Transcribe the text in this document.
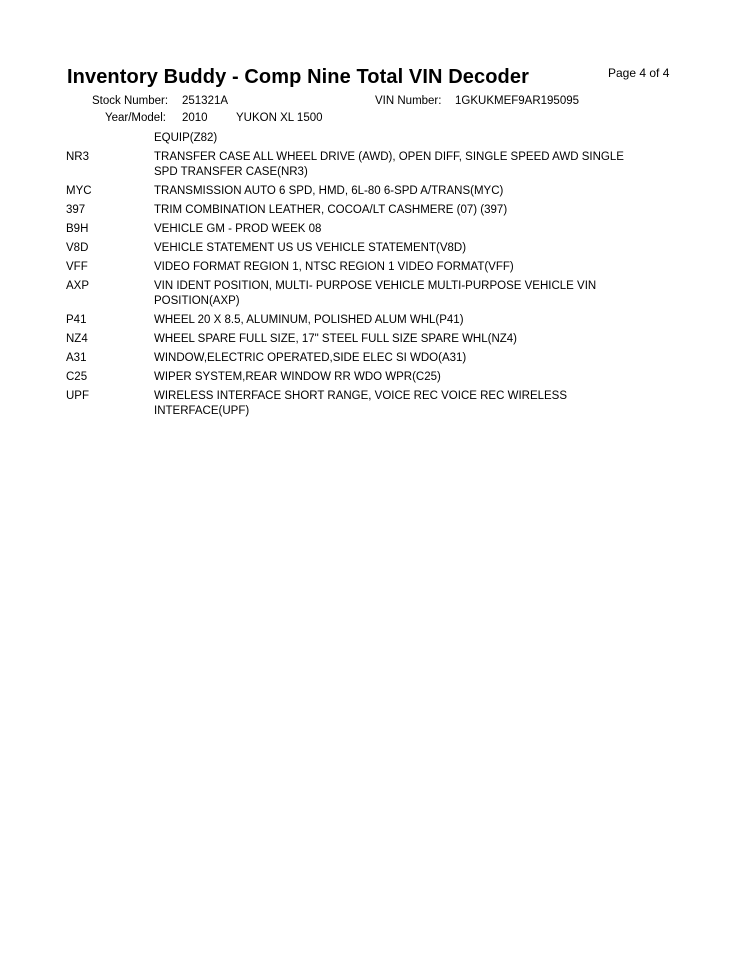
Inventory Buddy - Comp Nine Total VIN Decoder	Page 4 of 4
Stock Number: 251321A	VIN Number: 1GKUKMEF9AR195095
Year/Model: 2010 YUKON XL 1500
EQUIP(Z82)
NR3	TRANSFER CASE ALL WHEEL DRIVE (AWD), OPEN DIFF, SINGLE SPEED AWD SINGLE
SPD TRANSFER CASE(NR3)
MYC	TRANSMISSION AUTO 6 SPD, HMD, 6L-80 6-SPD A/TRANS(MYC)
397	TRIM COMBINATION LEATHER, COCOA/LT CASHMERE (07) (397)
B9H	VEHICLE GM - PROD WEEK 08
V8D	VEHICLE STATEMENT US US VEHICLE STATEMENT(V8D)
VFF	VIDEO FORMAT REGION 1, NTSC REGION 1 VIDEO FORMAT(VFF)
AXP	VIN IDENT POSITION, MULTI- PURPOSE VEHICLE MULTI-PURPOSE VEHICLE VIN
POSITION(AXP)
P41	WHEEL 20 X 8.5, ALUMINUM, POLISHED ALUM WHL(P41)
NZ4	WHEEL SPARE FULL SIZE, 17" STEEL FULL SIZE SPARE WHL(NZ4)
A31	WINDOW,ELECTRIC OPERATED,SIDE ELEC SI WDO(A31)
C25	WIPER SYSTEM,REAR WINDOW RR WDO WPR(C25)
UPF	WIRELESS INTERFACE SHORT RANGE, VOICE REC VOICE REC WIRELESS
INTERFACE(UPF)
